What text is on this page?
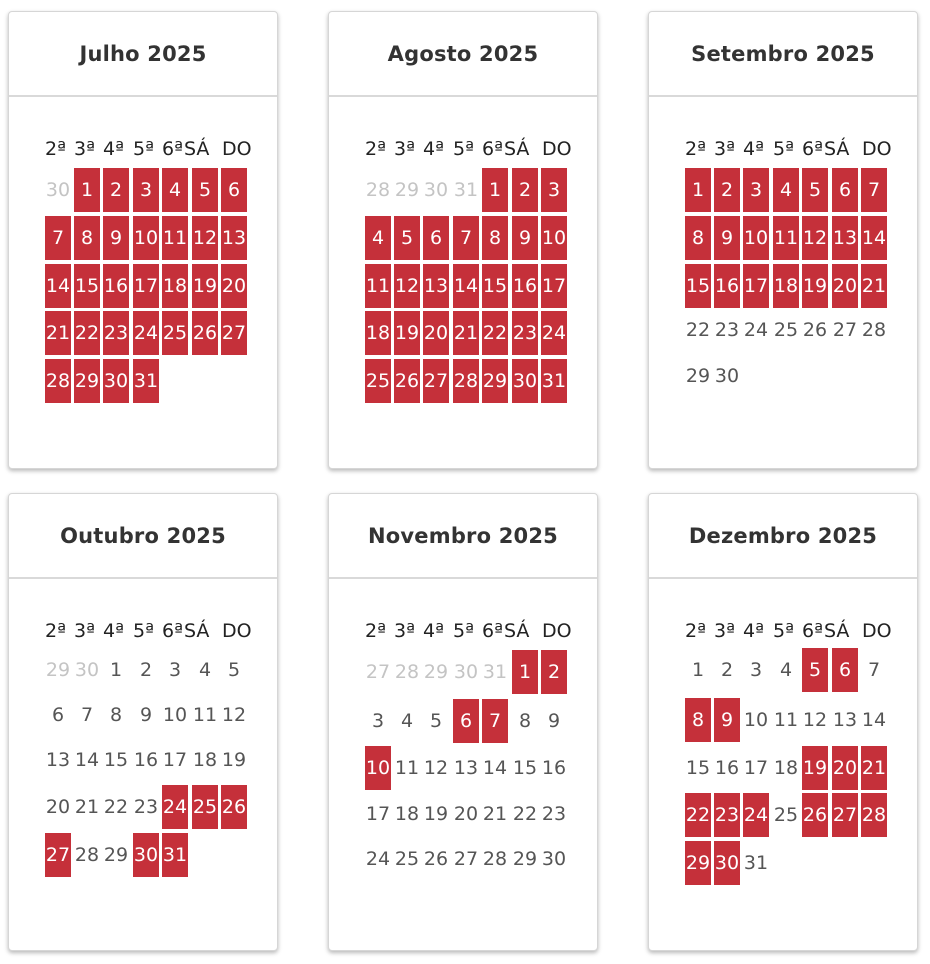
Julho 2025
2ª 3ª 4ª 5ª 6ª SÁ DO
30 1 2 3 4 5 6
7 8 9 10 11 12 13
14 15 16 17 18 19 20
21 22 23 24 25 26 27
28 29 30 31
Agosto 2025
2ª 3ª 4ª 5ª 6ª SÁ DO
28 29 30 31 1 2 3
4 5 6 7 8 9 10
11 12 13 14 15 16 17
18 19 20 21 22 23 24
25 26 27 28 29 30 31
Setembro 2025
2ª 3ª 4ª 5ª 6ª SÁ DO
1 2 3 4 5 6 7
8 9 10 11 12 13 14
15 16 17 18 19 20 21
22 23 24 25 26 27 28
29 30
Outubro 2025
2ª 3ª 4ª 5ª 6ª SÁ DO
29 30 1 2 3 4 5
6 7 8 9 10 11 12
13 14 15 16 17 18 19
20 21 22 23 24 25 26
27 28 29 30 31
Novembro 2025
2ª 3ª 4ª 5ª 6ª SÁ DO
27 28 29 30 31 1 2
3 4 5 6 7 8 9
10 11 12 13 14 15 16
17 18 19 20 21 22 23
24 25 26 27 28 29 30
Dezembro 2025
2ª 3ª 4ª 5ª 6ª SÁ DO
1 2 3 4 5 6 7
8 9 10 11 12 13 14
15 16 17 18 19 20 21
22 23 24 25 26 27 28
29 30 31
